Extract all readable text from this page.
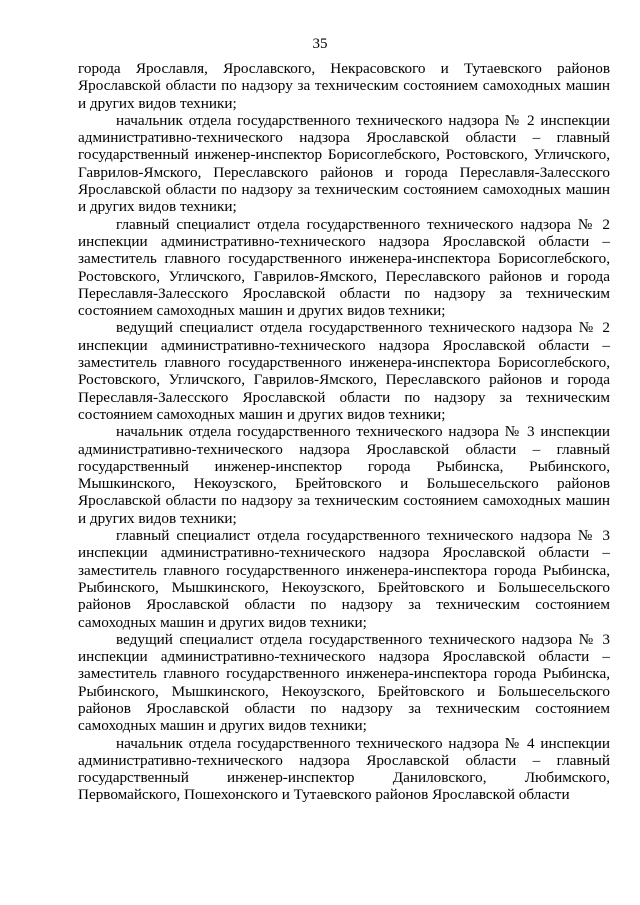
35

города Ярославля, Ярославского, Некрасовского и Тутаевского районов Ярославской области по надзору за техническим состоянием самоходных машин и других видов техники;

начальник отдела государственного технического надзора № 2 инспекции административно-технического надзора Ярославской области – главный государственный инженер-инспектор Борисоглебского, Ростовского, Угличского, Гаврилов-Ямского, Переславского районов и города Переславля-Залесского Ярославской области по надзору за техническим состоянием самоходных машин и других видов техники;

главный специалист отдела государственного технического надзора № 2 инспекции административно-технического надзора Ярославской области – заместитель главного государственного инженера-инспектора Борисоглебского, Ростовского, Угличского, Гаврилов-Ямского, Переславского районов и города Переславля-Залесского Ярославской области по надзору за техническим состоянием самоходных машин и других видов техники;

ведущий специалист отдела государственного технического надзора № 2 инспекции административно-технического надзора Ярославской области – заместитель главного государственного инженера-инспектора Борисоглебского, Ростовского, Угличского, Гаврилов-Ямского, Переславского районов и города Переславля-Залесского Ярославской области по надзору за техническим состоянием самоходных машин и других видов техники;

начальник отдела государственного технического надзора № 3 инспекции административно-технического надзора Ярославской области – главный государственный инженер-инспектор города Рыбинска, Рыбинского, Мышкинского, Некоузского, Брейтовского и Большесельского районов Ярославской области по надзору за техническим состоянием самоходных машин и других видов техники;

главный специалист отдела государственного технического надзора № 3 инспекции административно-технического надзора Ярославской области – заместитель главного государственного инженера-инспектора города Рыбинска, Рыбинского, Мышкинского, Некоузского, Брейтовского и Большесельского районов Ярославской области по надзору за техническим состоянием самоходных машин и других видов техники;

ведущий специалист отдела государственного технического надзора № 3 инспекции административно-технического надзора Ярославской области – заместитель главного государственного инженера-инспектора города Рыбинска, Рыбинского, Мышкинского, Некоузского, Брейтовского и Большесельского районов Ярославской области по надзору за техническим состоянием самоходных машин и других видов техники;

начальник отдела государственного технического надзора № 4 инспекции административно-технического надзора Ярославской области – главный государственный инженер-инспектор Даниловского, Любимского, Первомайского, Пошехонского и Тутаевского районов Ярославской области
